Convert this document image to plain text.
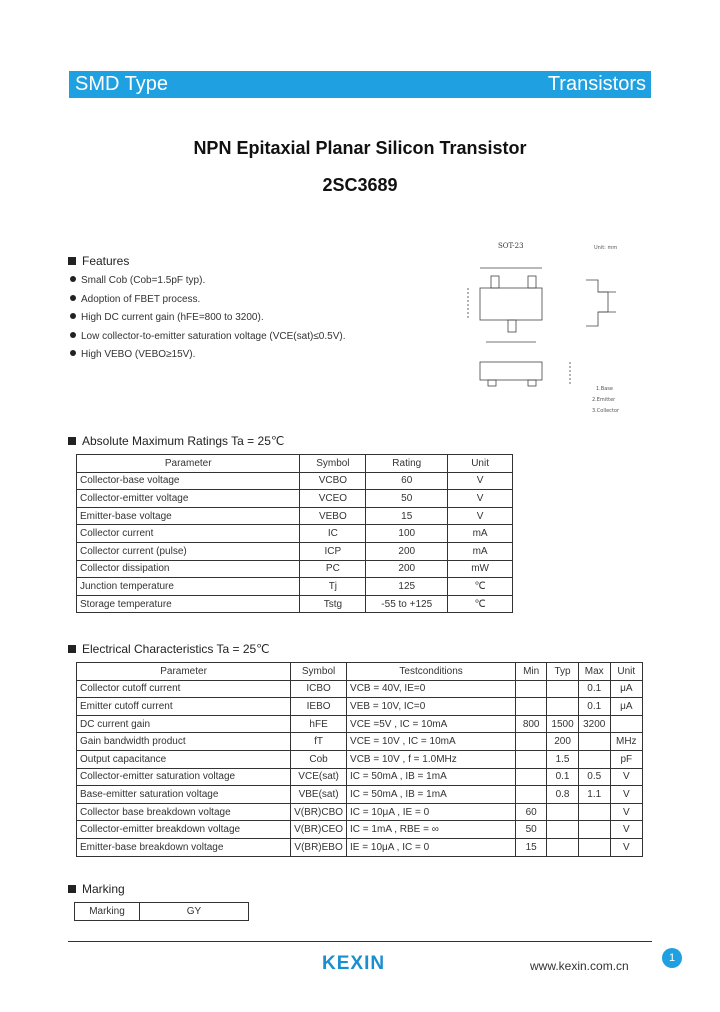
SMD Type	Transistors
NPN Epitaxial Planar Silicon Transistor
2SC3689
Features
Small Cob (Cob=1.5pF typ).
Adoption of FBET process.
High DC current gain (hFE=800 to 3200).
Low collector-to-emitter saturation voltage (VCE(sat)≤0.5V).
High VEBO (VEBO≥15V).
SOT-23	Unit: mm
1.Base
2.Emitter
3.Collector
Absolute Maximum Ratings Ta = 25℃
Parameter	Symbol	Rating	Unit
Collector-base voltage	VCBO	60	V
Collector-emitter voltage	VCEO	50	V
Emitter-base voltage	VEBO	15	V
Collector current	IC	100	mA
Collector current (pulse)	ICP	200	mA
Collector dissipation	PC	200	mW
Junction temperature	Tj	125	℃
Storage temperature	Tstg	-55 to +125	℃
Electrical Characteristics Ta = 25℃
Parameter	Symbol	Testconditions	Min	Typ	Max	Unit
Collector cutoff current	ICBO	VCB = 40V, IE=0			0.1	μA
Emitter cutoff current	IEBO	VEB = 10V, IC=0			0.1	μA
DC current gain	hFE	VCE =5V , IC = 10mA	800	1500	3200	
Gain bandwidth product	fT	VCE = 10V , IC = 10mA		200		MHz
Output capacitance	Cob	VCB = 10V , f = 1.0MHz		1.5		pF
Collector-emitter saturation voltage	VCE(sat)	IC = 50mA , IB = 1mA		0.1	0.5	V
Base-emitter saturation voltage	VBE(sat)	IC = 50mA , IB = 1mA		0.8	1.1	V
Collector base breakdown voltage	V(BR)CBO	IC = 10μA , IE = 0	60			V
Collector-emitter breakdown voltage	V(BR)CEO	IC = 1mA , RBE = ∞	50			V
Emitter-base breakdown voltage	V(BR)EBO	IE = 10μA , IC = 0	15			V
Marking
Marking	GY
KEXIN	www.kexin.com.cn
1
